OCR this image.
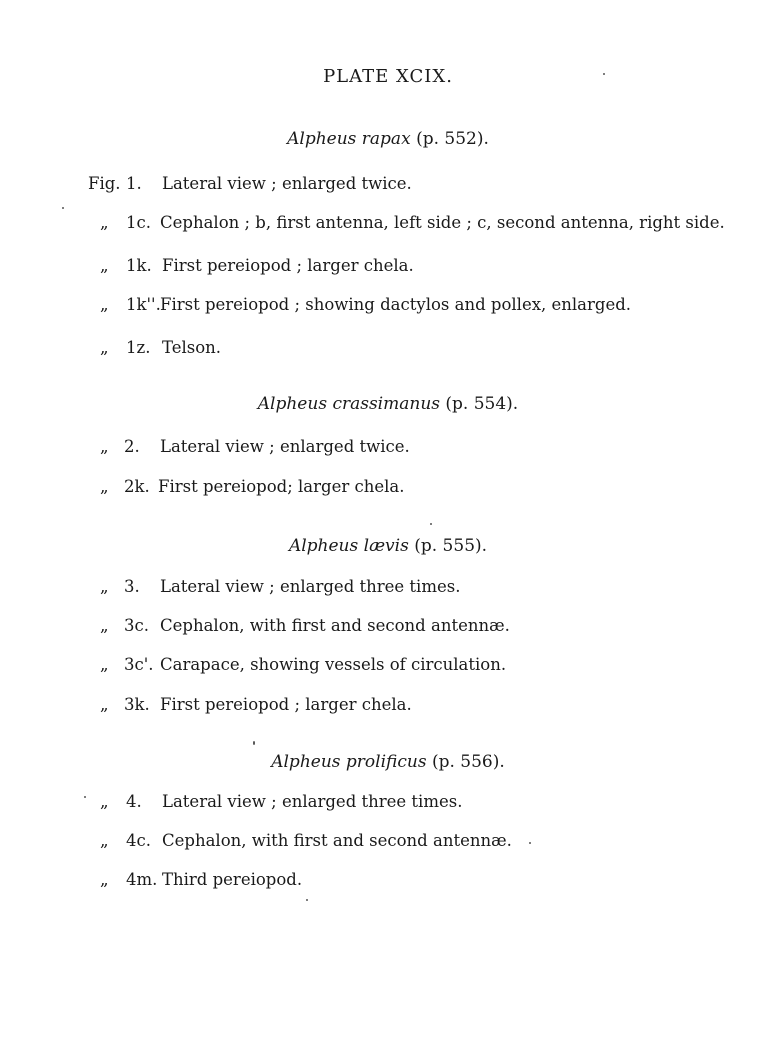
PLATE XCIX.
Alpheus rapax (p. 552).
Fig. 1. Lateral view ; enlarged twice.
„ 1c. Cephalon ; b, first antenna, left side ; c, second antenna, right side.
„ 1k. First pereiopod ; larger chela.
„ 1k''. First pereiopod ; showing dactylos and pollex, enlarged.
„ 1z. Telson.
Alpheus crassimanus (p. 554).
„ 2. Lateral view ; enlarged twice.
„ 2k. First pereiopod; larger chela.
Alpheus lævis (p. 555).
„ 3. Lateral view ; enlarged three times.
„ 3c. Cephalon, with first and second antennæ.
„ 3c'. Carapace, showing vessels of circulation.
„ 3k. First pereiopod ; larger chela.
Alpheus prolificus (p. 556).
„ 4. Lateral view ; enlarged three times.
„ 4c. Cephalon, with first and second antennæ.
„ 4m. Third pereiopod.
